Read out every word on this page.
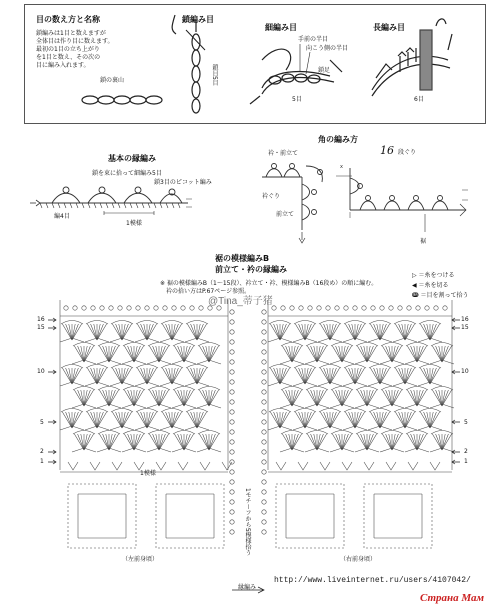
目の数え方と名称
鎖編みは1目と数えますが
全体目は作り目に数えます。
最初の1目の立ち上がり
を1目と数え、その次の
目に編み入れます。
鎖の裏山
鎖編み目
鎖目5目
細編み目
手前の半目
向こう側の半目
鎖足
5目
長編み目
6目
基本の縁編み
鎖を束に拾って細編み5目
鎖3目のピコット編み
編4目
1模様
角の編み方
16 段ぐり
衿・前立て
衿ぐり
前立て
裾
x
裾の模様編みB
前立て・衿の縁編み
※ 裾の模様編みB（1〜15段）、衿立て・衿、模様編みB（16段め）の順に編む。
衿の拾い方はP.67ページ参照。
@Tina_蒂子猪
▷ ＝糸をつける
◀ ＝糸を切る
ↈ ＝目を割って拾う
16
15
10
5
2
1
16
15
10
5
2
1
1模様
1モチーフから5模様拾う
（左前身頃）	（右前身頃）
縁編み
http://www.liveinternet.ru/users/4107042/
Страна Мам
